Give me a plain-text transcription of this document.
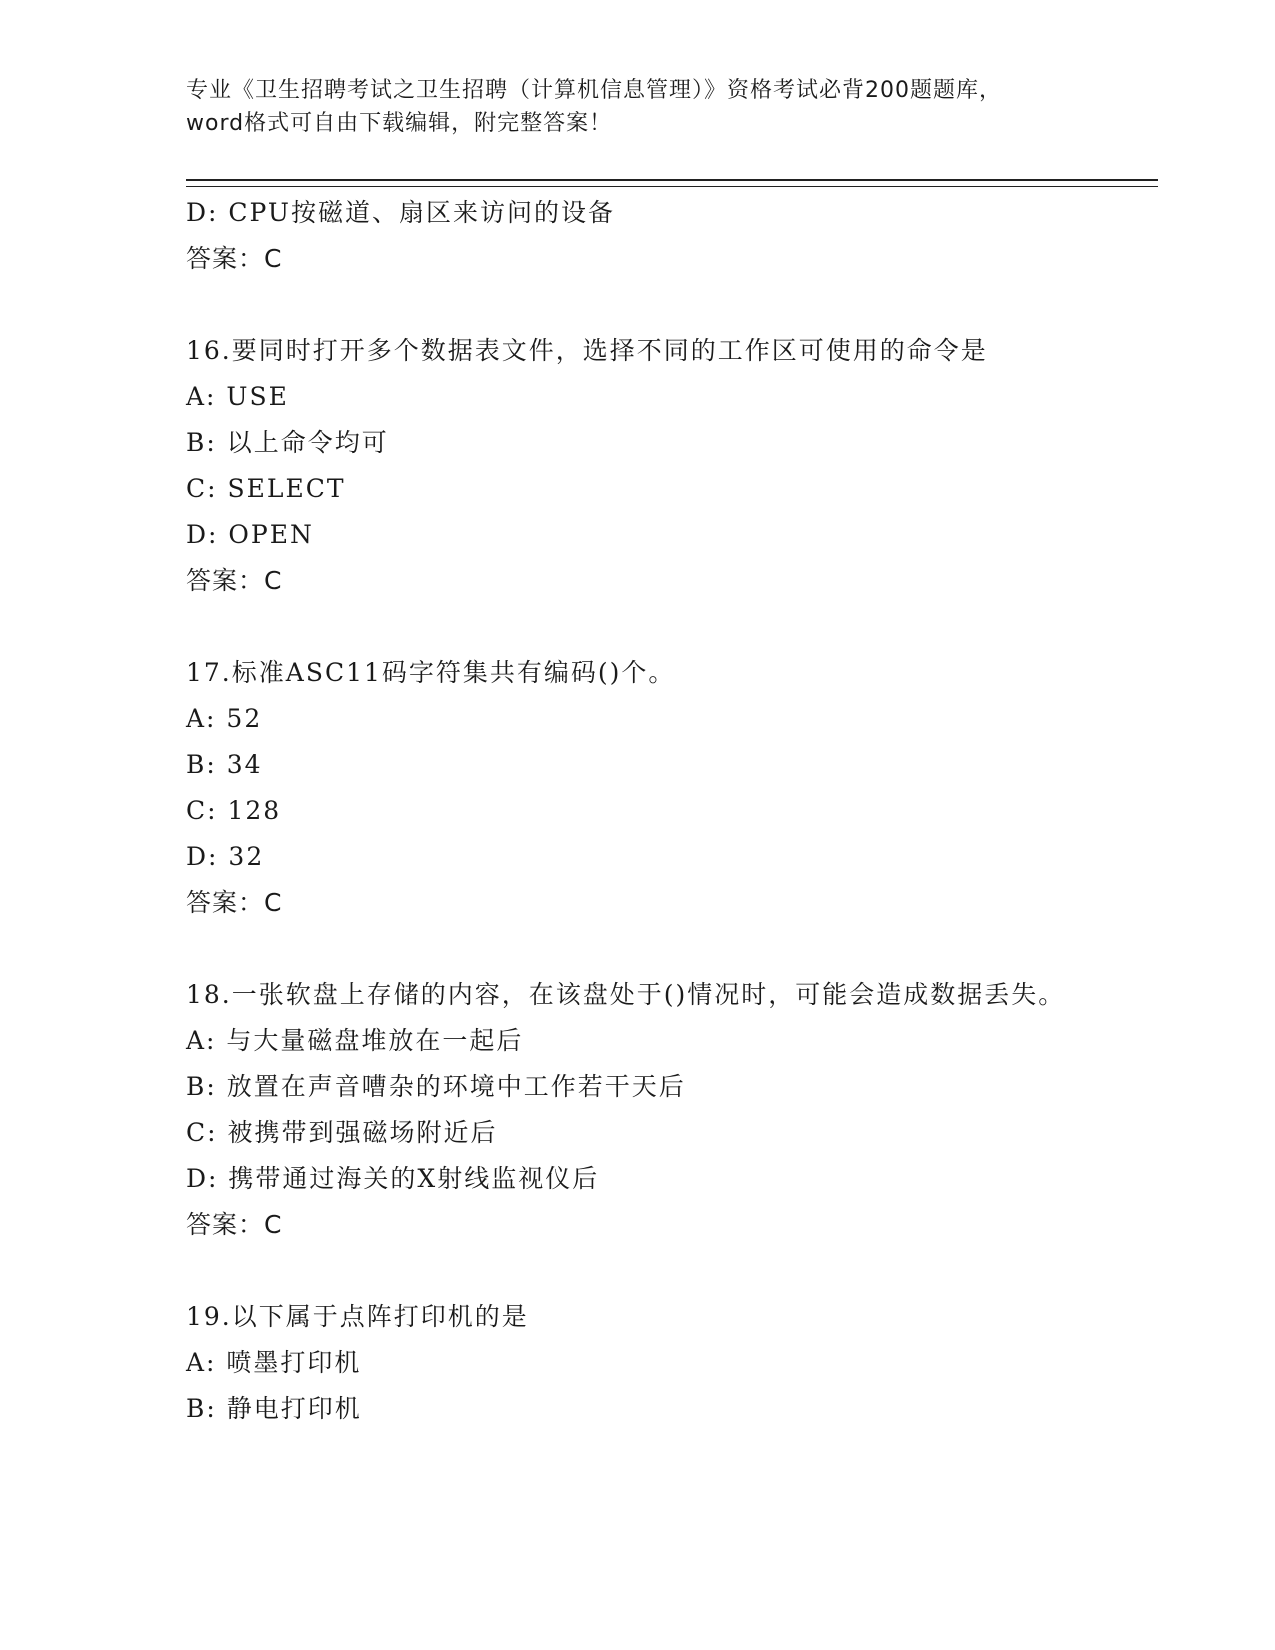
专业《卫生招聘考试之卫生招聘（计算机信息管理）》资格考试必背200题题库，
word格式可自由下载编辑，附完整答案！
D: CPU按磁道、扇区来访问的设备
答案：C
16.要同时打开多个数据表文件，选择不同的工作区可使用的命令是
A: USE
B: 以上命令均可
C: SELECT
D: OPEN
答案：C
17.标准ASC11码字符集共有编码()个。
A: 52
B: 34
C: 128
D: 32
答案：C
18.一张软盘上存储的内容，在该盘处于()情况时，可能会造成数据丢失。
A: 与大量磁盘堆放在一起后
B: 放置在声音嘈杂的环境中工作若干天后
C: 被携带到强磁场附近后
D: 携带通过海关的X射线监视仪后
答案：C
19.以下属于点阵打印机的是
A: 喷墨打印机
B: 静电打印机
